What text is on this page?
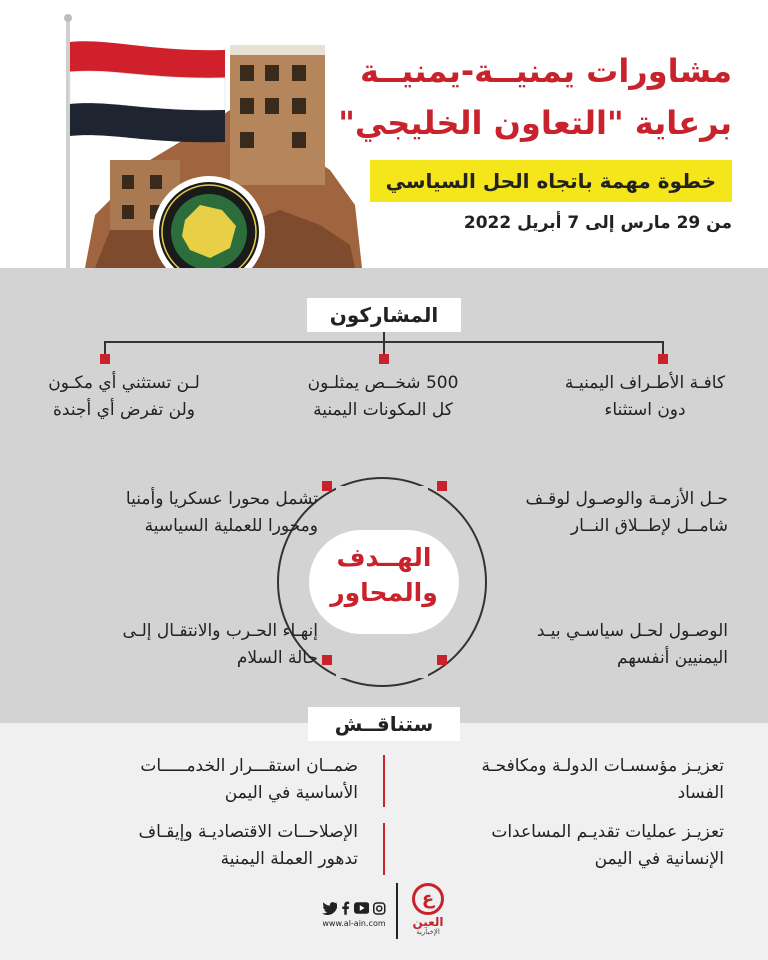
مشاورات يمنيــة-يمنيــة
برعاية "التعاون الخليجي"
خطوة مهمة باتجاه الحل السياسي
من 29 مارس إلى 7 أبريل 2022
المشاركون
كافـة الأطـراف اليمنيـة
دون استثناء
500 شخــص يمثلـون
كل المكونات اليمنية
لـن تستثني أي مكـون
ولن تفرض أي أجندة
الهــدف
والمحاور
حـل الأزمـة والوصـول لوقـف
شامــل لإطــلاق النــار
تشمل محورا عسكريا وأمنيا
ومحورا للعملية السياسية
الوصـول لحـل سياسـي بيـد
اليمنيين أنفسهم
إنهـاء الحـرب والانتقـال إلـى
حالة السلام
ستناقــش
تعزيـز مؤسسـات الدولـة ومكافحـة
الفساد
ضمــان استقـــرار الخدمـــــات
الأساسية في اليمن
تعزيـز عمليات تقديـم المساعدات
الإنسانية في اليمن
الإصلاحــات الاقتصاديـة وإيقـاف
تدهور العملة اليمنية
www.al-ain.com
ع
العين
الإخبارية
